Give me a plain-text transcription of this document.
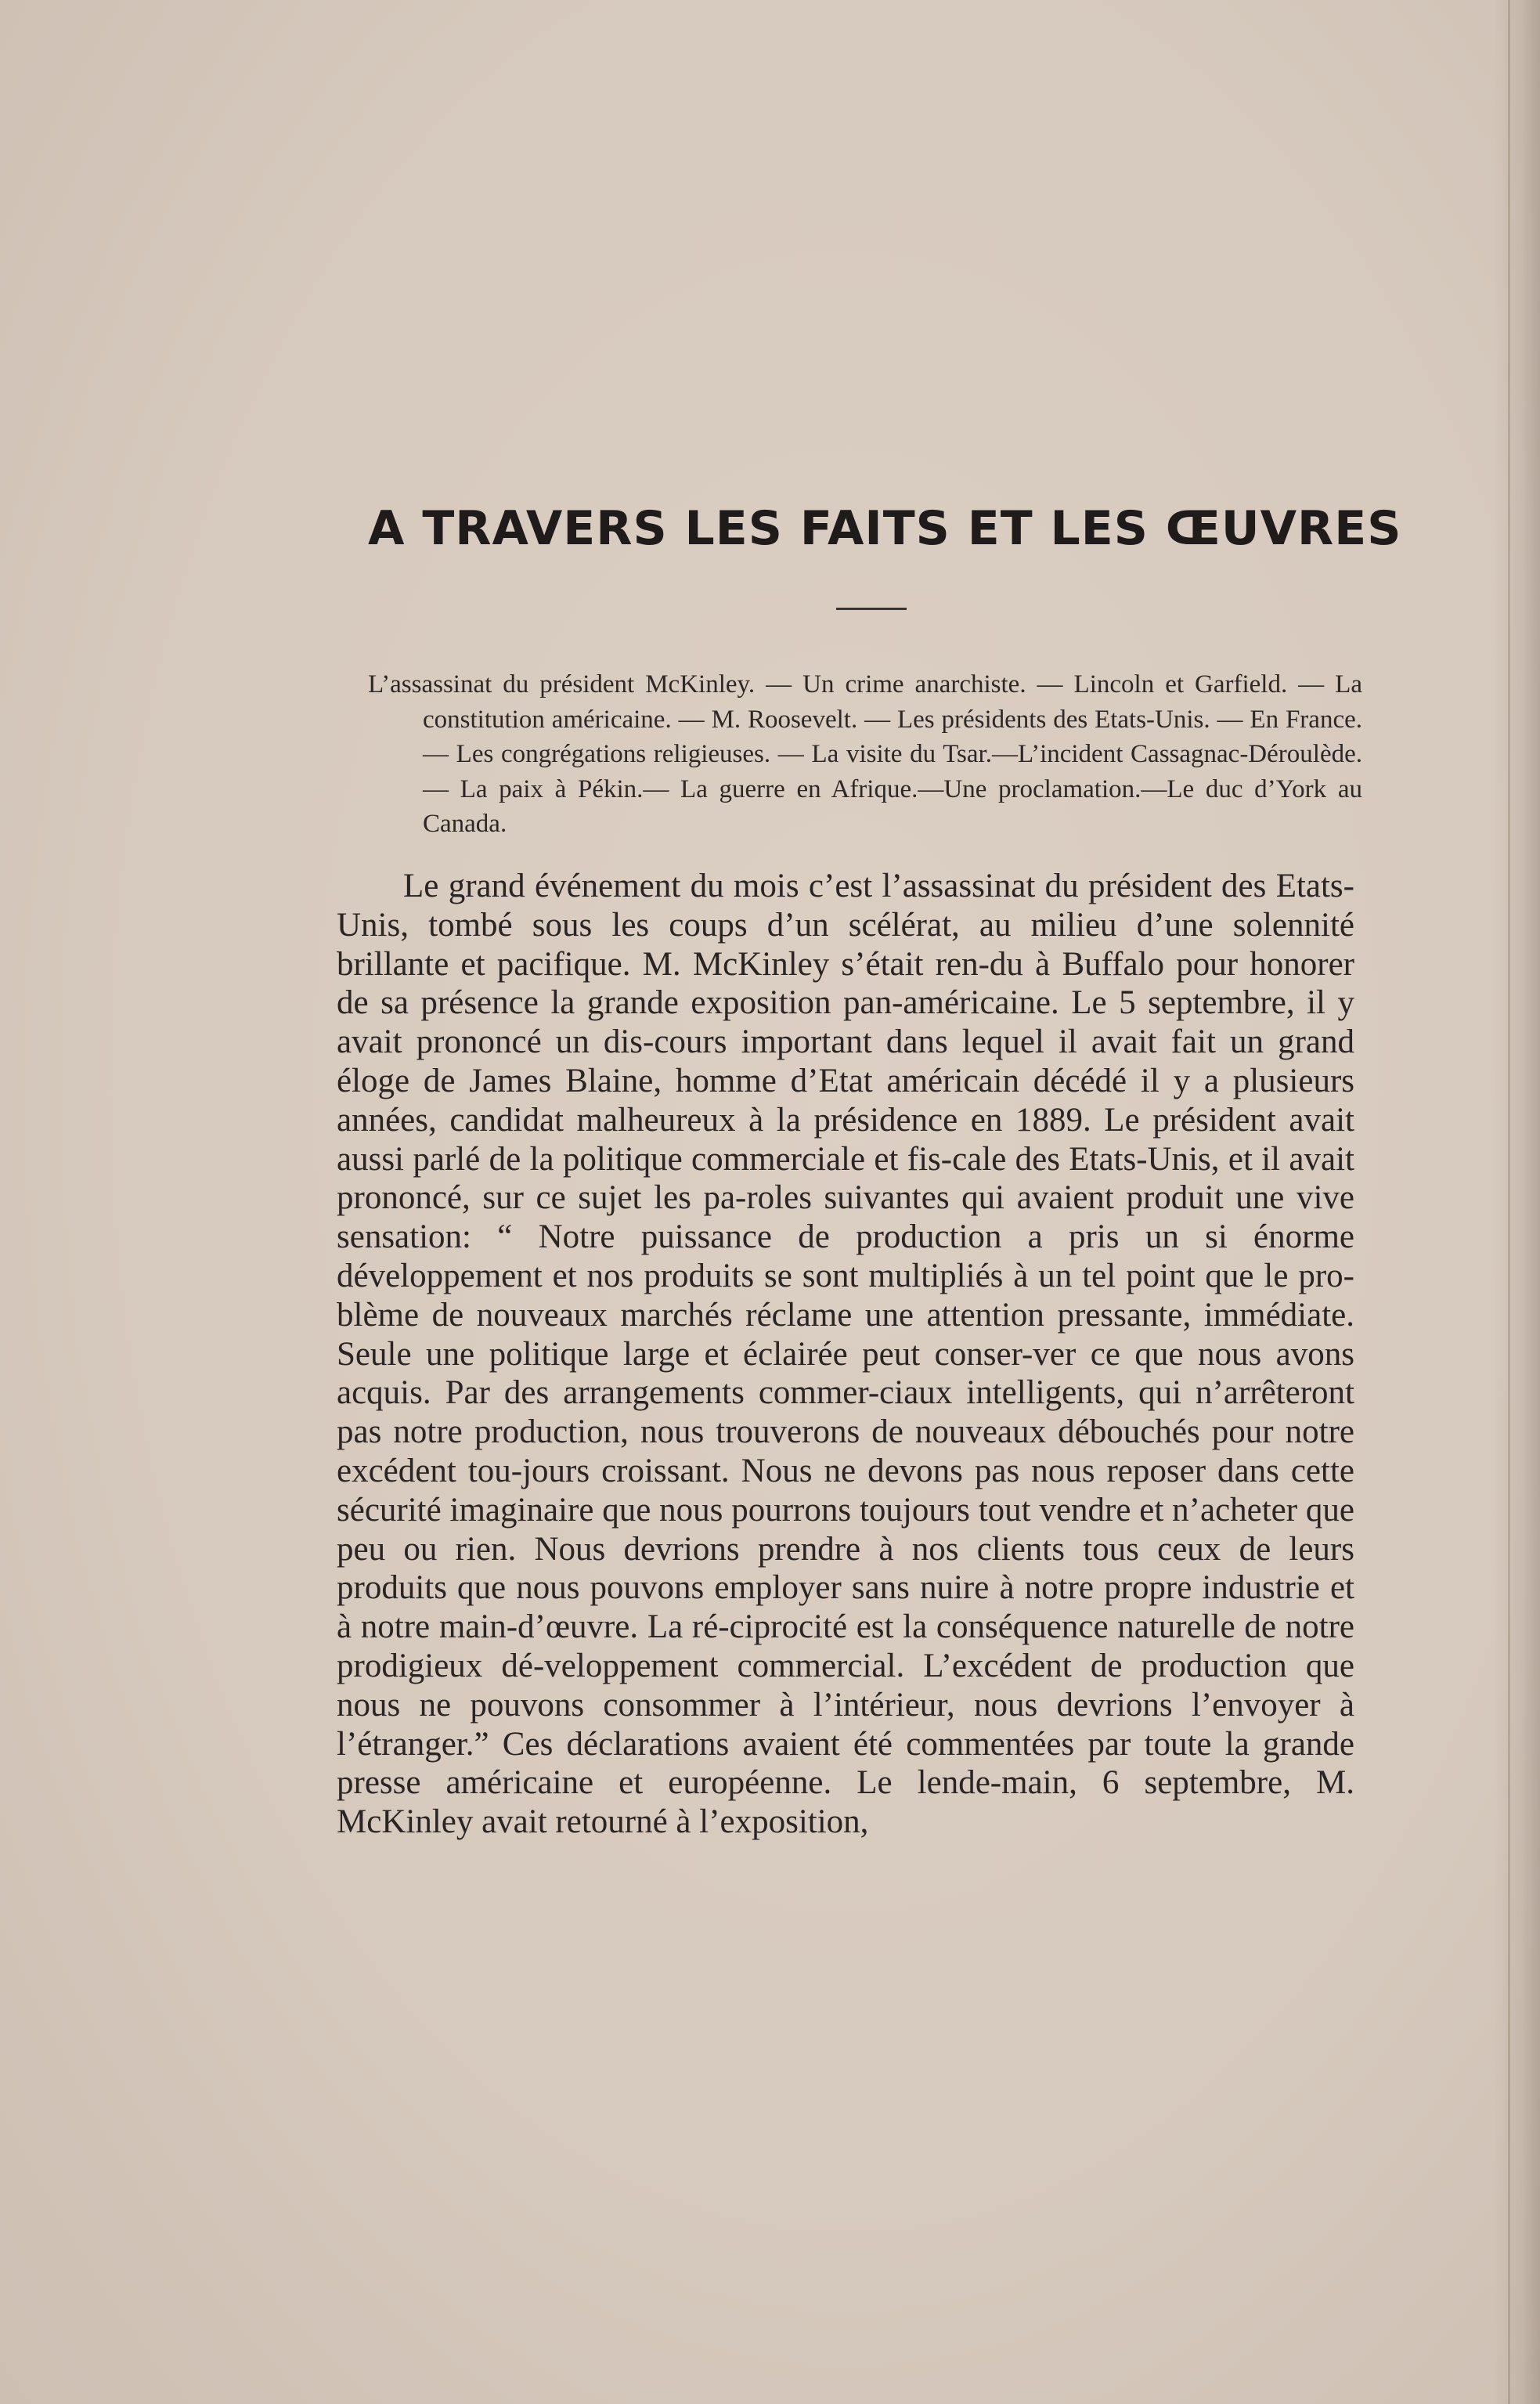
A TRAVERS LES FAITS ET LES ŒUVRES

L’assassinat du président McKinley. — Un crime anarchiste. — Lincoln et Garfield. — La constitution américaine. — M. Roosevelt. — Les présidents des Etats-Unis. — En France. — Les congrégations religieuses. — La visite du Tsar.—L’incident Cassagnac-Déroulède.— La paix à Pékin.— La guerre en Afrique.—Une proclamation.—Le duc d’York au Canada.

Le grand événement du mois c’est l’assassinat du président des Etats-Unis, tombé sous les coups d’un scélérat, au milieu d’une solennité brillante et pacifique. M. McKinley s’était ren-du à Buffalo pour honorer de sa présence la grande exposition pan-américaine. Le 5 septembre, il y avait prononcé un dis-cours important dans lequel il avait fait un grand éloge de James Blaine, homme d’Etat américain décédé il y a plusieurs années, candidat malheureux à la présidence en 1889. Le président avait aussi parlé de la politique commerciale et fis-cale des Etats-Unis, et il avait prononcé, sur ce sujet les pa-roles suivantes qui avaient produit une vive sensation: “ Notre puissance de production a pris un si énorme développement et nos produits se sont multipliés à un tel point que le pro-blème de nouveaux marchés réclame une attention pressante, immédiate. Seule une politique large et éclairée peut conser-ver ce que nous avons acquis. Par des arrangements commer-ciaux intelligents, qui n’arrêteront pas notre production, nous trouverons de nouveaux débouchés pour notre excédent tou-jours croissant. Nous ne devons pas nous reposer dans cette sécurité imaginaire que nous pourrons toujours tout vendre et n’acheter que peu ou rien. Nous devrions prendre à nos clients tous ceux de leurs produits que nous pouvons employer sans nuire à notre propre industrie et à notre main-d’œuvre. La ré-ciprocité est la conséquence naturelle de notre prodigieux dé-veloppement commercial. L’excédent de production que nous ne pouvons consommer à l’intérieur, nous devrions l’envoyer à l’étranger.” Ces déclarations avaient été commentées par toute la grande presse américaine et européenne. Le lende-main, 6 septembre, M. McKinley avait retourné à l’exposition,
